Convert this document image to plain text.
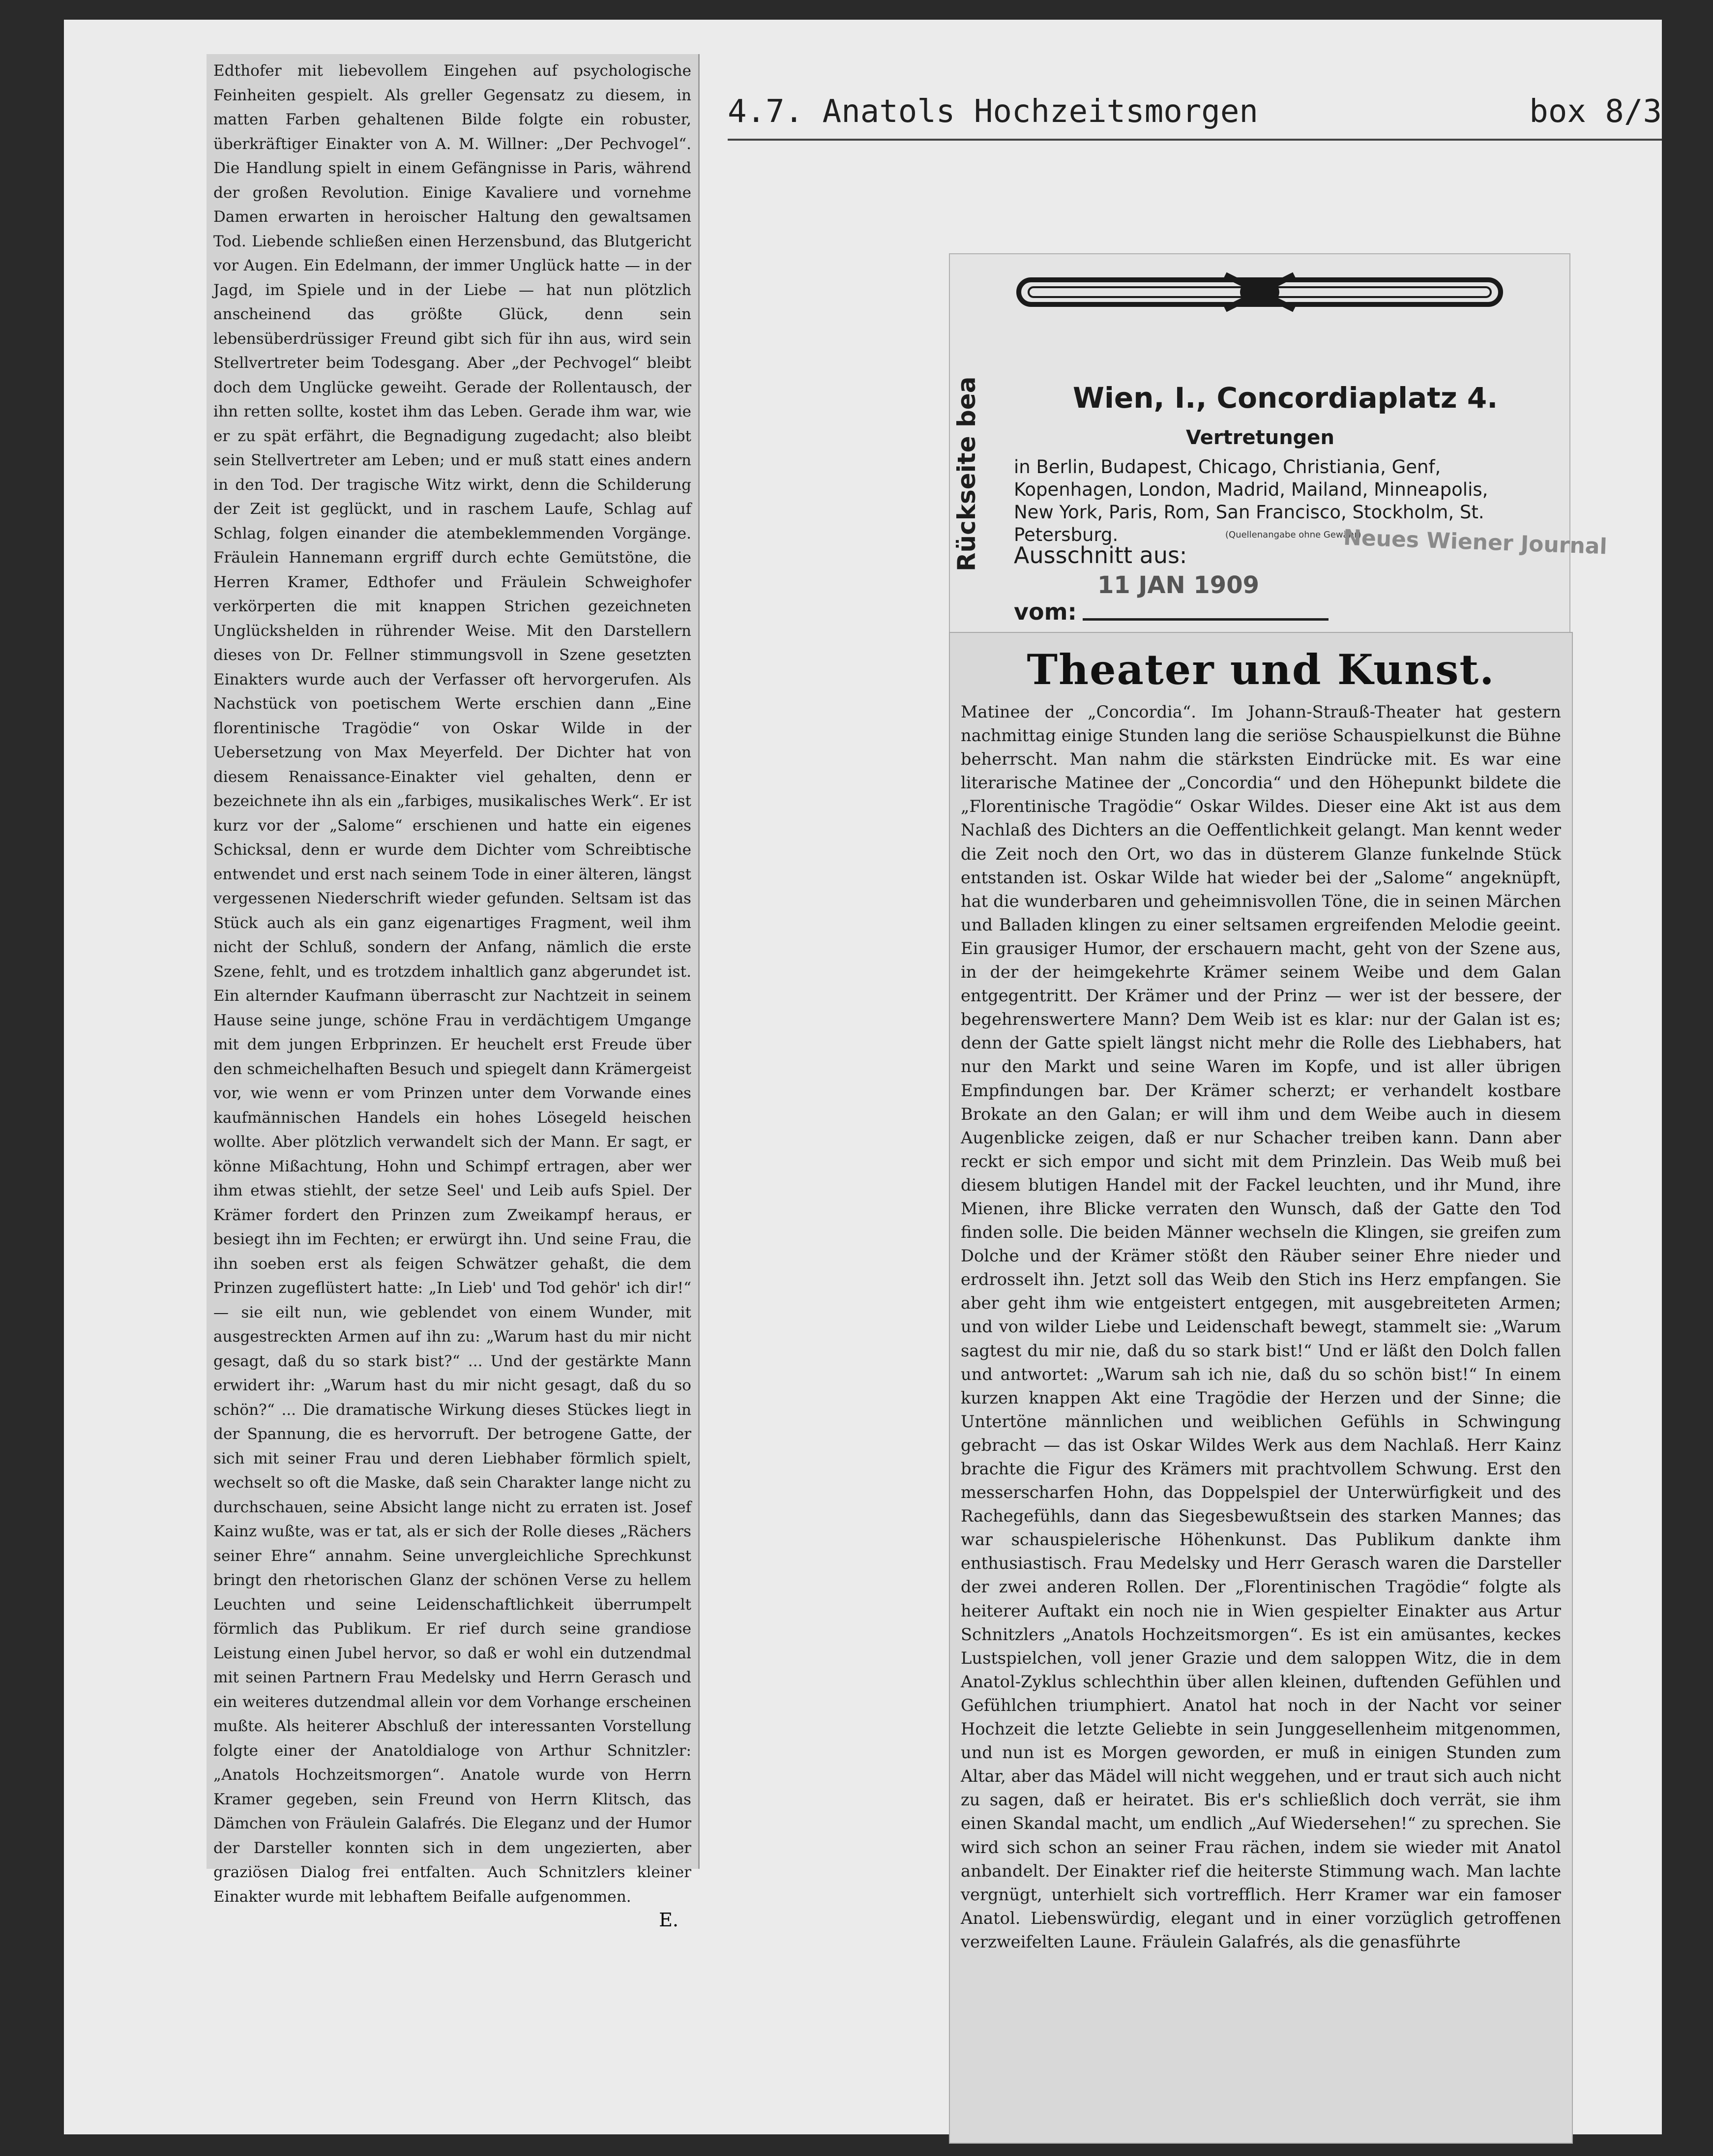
4.7. Anatols Hochzeitsmorgen	box 8/3

Edthofer mit liebevollem Eingehen auf psychologische Feinheiten gespielt. Als greller Gegensatz zu diesem, in matten Farben gehaltenen Bilde folgte ein robuster, überkräftiger Einakter von A. M. Willner: „Der Pechvogel“. Die Handlung spielt in einem Gefängnisse in Paris, während der großen Revolution. Einige Kavaliere und vornehme Damen erwarten in heroischer Haltung den gewaltsamen Tod. Liebende schließen einen Herzensbund, das Blutgericht vor Augen. Ein Edelmann, der immer Unglück hatte — in der Jagd, im Spiele und in der Liebe — hat nun plötzlich anscheinend das größte Glück, denn sein lebensüberdrüssiger Freund gibt sich für ihn aus, wird sein Stellvertreter beim Todesgang. Aber „der Pechvogel“ bleibt doch dem Unglücke geweiht. Gerade der Rollentausch, der ihn retten sollte, kostet ihm das Leben. Gerade ihm war, wie er zu spät erfährt, die Begnadigung zugedacht; also bleibt sein Stellvertreter am Leben; und er muß statt eines andern in den Tod. Der tragische Witz wirkt, denn die Schilderung der Zeit ist geglückt, und in raschem Laufe, Schlag auf Schlag, folgen einander die atembeklemmenden Vorgänge. Fräulein Hannemann ergriff durch echte Gemütstöne, die Herren Kramer, Edthofer und Fräulein Schweighofer verkörperten die mit knappen Strichen gezeichneten Unglückshelden in rührender Weise. Mit den Darstellern dieses von Dr. Fellner stimmungsvoll in Szene gesetzten Einakters wurde auch der Verfasser oft hervorgerufen. Als Nachstück von poetischem Werte erschien dann „Eine florentinische Tragödie“ von Oskar Wilde in der Uebersetzung von Max Meyerfeld. Der Dichter hat von diesem Renaissance-Einakter viel gehalten, denn er bezeichnete ihn als ein „farbiges, musikalisches Werk“. Er ist kurz vor der „Salome“ erschienen und hatte ein eigenes Schicksal, denn er wurde dem Dichter vom Schreibtische entwendet und erst nach seinem Tode in einer älteren, längst vergessenen Niederschrift wieder gefunden. Seltsam ist das Stück auch als ein ganz eigenartiges Fragment, weil ihm nicht der Schluß, sondern der Anfang, nämlich die erste Szene, fehlt, und es trotzdem inhaltlich ganz abgerundet ist. Ein alternder Kaufmann überrascht zur Nachtzeit in seinem Hause seine junge, schöne Frau in verdächtigem Umgange mit dem jungen Erbprinzen. Er heuchelt erst Freude über den schmeichelhaften Besuch und spiegelt dann Krämergeist vor, wie wenn er vom Prinzen unter dem Vorwande eines kaufmännischen Handels ein hohes Lösegeld heischen wollte. Aber plötzlich verwandelt sich der Mann. Er sagt, er könne Mißachtung, Hohn und Schimpf ertragen, aber wer ihm etwas stiehlt, der setze Seel' und Leib aufs Spiel. Der Krämer fordert den Prinzen zum Zweikampf heraus, er besiegt ihn im Fechten; er erwürgt ihn. Und seine Frau, die ihn soeben erst als feigen Schwätzer gehaßt, die dem Prinzen zugeflüstert hatte: „In Lieb' und Tod gehör' ich dir!“ — sie eilt nun, wie geblendet von einem Wunder, mit ausgestreckten Armen auf ihn zu: „Warum hast du mir nicht gesagt, daß du so stark bist?“ ... Und der gestärkte Mann erwidert ihr: „Warum hast du mir nicht gesagt, daß du so schön?“ ... Die dramatische Wirkung dieses Stückes liegt in der Spannung, die es hervorruft. Der betrogene Gatte, der sich mit seiner Frau und deren Liebhaber förmlich spielt, wechselt so oft die Maske, daß sein Charakter lange nicht zu durchschauen, seine Absicht lange nicht zu erraten ist. Josef Kainz wußte, was er tat, als er sich der Rolle dieses „Rächers seiner Ehre“ annahm. Seine unvergleichliche Sprechkunst bringt den rhetorischen Glanz der schönen Verse zu hellem Leuchten und seine Leidenschaftlichkeit überrumpelt förmlich das Publikum. Er rief durch seine grandiose Leistung einen Jubel hervor, so daß er wohl ein dutzendmal mit seinen Partnern Frau Medelsky und Herrn Gerasch und ein weiteres dutzendmal allein vor dem Vorhange erscheinen mußte. Als heiterer Abschluß der interessanten Vorstellung folgte einer der Anatoldialoge von Arthur Schnitzler: „Anatols Hochzeitsmorgen“. Anatole wurde von Herrn Kramer gegeben, sein Freund von Herrn Klitsch, das Dämchen von Fräulein Galafrés. Die Eleganz und der Humor der Darsteller konnten sich in dem ungezierten, aber graziösen Dialog frei entfalten. Auch Schnitzlers kleiner Einakter wurde mit lebhaftem Beifalle aufgenommen.

E.

Rückseite bea	Wien, I., Concordiaplatz 4.
Vertretungen
in Berlin, Budapest, Chicago, Christiania, Genf, Kopenhagen, London, Madrid, Mailand, Minneapolis, New York, Paris, Rom, San Francisco, Stockholm, St. Petersburg.	(Quellenangabe ohne Gewähr)
Neues Wiener Journal
Ausschnitt aus:
11 JAN 1909
vom:
Theater und Kunst.

Matinee der „Concordia“. Im Johann-Strauß-Theater hat gestern nachmittag einige Stunden lang die seriöse Schauspielkunst die Bühne beherrscht. Man nahm die stärksten Eindrücke mit. Es war eine literarische Matinee der „Concordia“ und den Höhepunkt bildete die „Florentinische Tragödie“ Oskar Wildes. Dieser eine Akt ist aus dem Nachlaß des Dichters an die Oeffentlichkeit gelangt. Man kennt weder die Zeit noch den Ort, wo das in düsterem Glanze funkelnde Stück entstanden ist. Oskar Wilde hat wieder bei der „Salome“ angeknüpft, hat die wunderbaren und geheimnisvollen Töne, die in seinen Märchen und Balladen klingen zu einer seltsamen ergreifenden Melodie geeint. Ein grausiger Humor, der erschauern macht, geht von der Szene aus, in der der heimgekehrte Krämer seinem Weibe und dem Galan entgegentritt. Der Krämer und der Prinz — wer ist der bessere, der begehrenswertere Mann? Dem Weib ist es klar: nur der Galan ist es; denn der Gatte spielt längst nicht mehr die Rolle des Liebhabers, hat nur den Markt und seine Waren im Kopfe, und ist aller übrigen Empfindungen bar. Der Krämer scherzt; er verhandelt kostbare Brokate an den Galan; er will ihm und dem Weibe auch in diesem Augenblicke zeigen, daß er nur Schacher treiben kann. Dann aber reckt er sich empor und sicht mit dem Prinzlein. Das Weib muß bei diesem blutigen Handel mit der Fackel leuchten, und ihr Mund, ihre Mienen, ihre Blicke verraten den Wunsch, daß der Gatte den Tod finden solle. Die beiden Männer wechseln die Klingen, sie greifen zum Dolche und der Krämer stößt den Räuber seiner Ehre nieder und erdrosselt ihn. Jetzt soll das Weib den Stich ins Herz empfangen. Sie aber geht ihm wie entgeistert entgegen, mit ausgebreiteten Armen; und von wilder Liebe und Leidenschaft bewegt, stammelt sie: „Warum sagtest du mir nie, daß du so stark bist!“ Und er läßt den Dolch fallen und antwortet: „Warum sah ich nie, daß du so schön bist!“ In einem kurzen knappen Akt eine Tragödie der Herzen und der Sinne; die Untertöne männlichen und weiblichen Gefühls in Schwingung gebracht — das ist Oskar Wildes Werk aus dem Nachlaß. Herr Kainz brachte die Figur des Krämers mit prachtvollem Schwung. Erst den messerscharfen Hohn, das Doppelspiel der Unterwürfigkeit und des Rachegefühls, dann das Siegesbewußtsein des starken Mannes; das war schauspielerische Höhenkunst. Das Publikum dankte ihm enthusiastisch. Frau Medelsky und Herr Gerasch waren die Darsteller der zwei anderen Rollen. Der „Florentinischen Tragödie“ folgte als heiterer Auftakt ein noch nie in Wien gespielter Einakter aus Artur Schnitzlers „Anatols Hochzeitsmorgen“. Es ist ein amüsantes, keckes Lustspielchen, voll jener Grazie und dem saloppen Witz, die in dem Anatol-Zyklus schlechthin über allen kleinen, duftenden Gefühlen und Gefühlchen triumphiert. Anatol hat noch in der Nacht vor seiner Hochzeit die letzte Geliebte in sein Junggesellenheim mitgenommen, und nun ist es Morgen geworden, er muß in einigen Stunden zum Altar, aber das Mädel will nicht weggehen, und er traut sich auch nicht zu sagen, daß er heiratet. Bis er's schließlich doch verrät, sie ihm einen Skandal macht, um endlich „Auf Wiedersehen!“ zu sprechen. Sie wird sich schon an seiner Frau rächen, indem sie wieder mit Anatol anbandelt. Der Einakter rief die heiterste Stimmung wach. Man lachte vergnügt, unterhielt sich vortrefflich. Herr Kramer war ein famoser Anatol. Liebenswürdig, elegant und in einer vorzüglich getroffenen verzweifelten Laune. Fräulein Galafrés, als die genasführte
